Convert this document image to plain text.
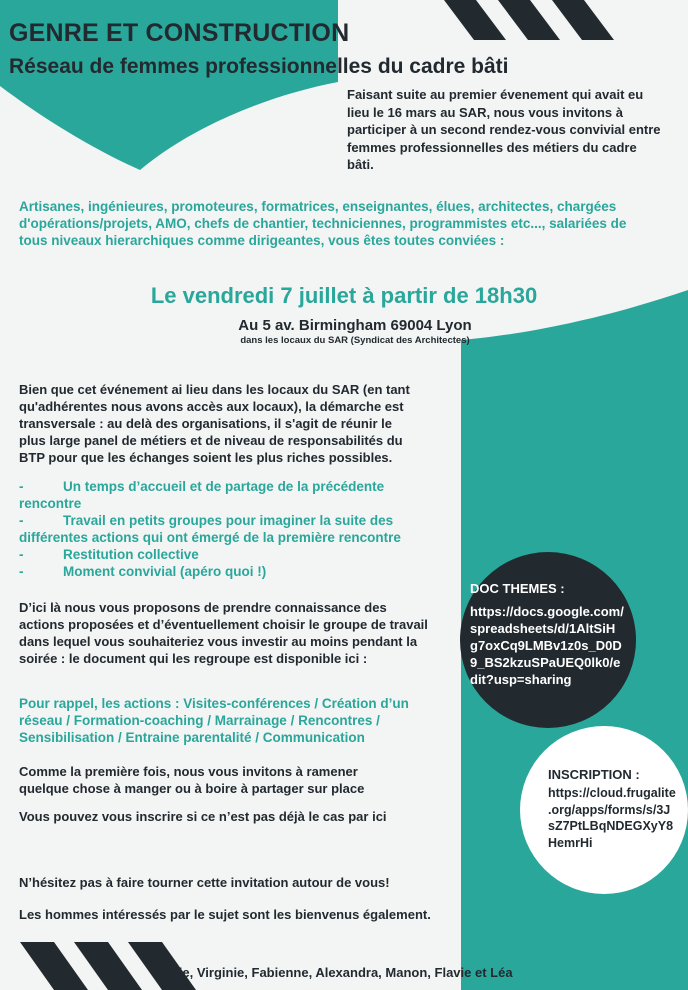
GENRE ET CONSTRUCTION
Réseau de femmes professionnelles du cadre bâti
Faisant suite au premier évenement qui avait eu lieu le 16 mars au SAR, nous vous invitons à participer à un second rendez-vous convivial entre femmes professionnelles des métiers du cadre bâti.
Artisanes, ingénieures, promoteures, formatrices, enseignantes, élues, architectes, chargées d'opérations/projets, AMO, chefs de chantier, techniciennes, programmistes etc..., salariées de tous niveaux hierarchiques comme dirigeantes, vous êtes toutes conviées :
Le vendredi 7 juillet à partir de 18h30
Au 5 av. Birmingham 69004 Lyon
dans les locaux du SAR (Syndicat des Architectes)
Bien que cet événement ai lieu dans les locaux du SAR (en tant qu'adhérentes nous avons accès aux locaux), la démarche est transversale : au delà des organisations, il s'agit de réunir le plus large panel de métiers et de niveau de responsabilités du BTP pour que les échanges soient les plus riches possibles.
-	Un temps d’accueil et de partage de la précédente rencontre
-	Travail en petits groupes pour imaginer la suite des différentes actions qui ont émergé de la première rencontre
-	Restitution collective
-	Moment convivial (apéro quoi !)
D’ici là nous vous proposons de prendre connaissance des actions proposées et d’éventuellement choisir le groupe de travail dans lequel vous souhaiteriez vous investir au moins pendant la soirée : le document qui les regroupe est disponible ici :
Pour rappel, les actions : Visites-conférences / Création d’un réseau / Formation-coaching / Marrainage / Rencontres / Sensibilisation / Entraine parentalité / Communication
Comme la première fois, nous vous invitons à ramener quelque chose à manger ou à boire à partager sur place
Vous pouvez vous inscrire si ce n’est pas déjà le cas par ici
N’hésitez pas à faire tourner cette invitation autour de vous!
Les hommes intéressés par le sujet sont les bienvenus également.
DOC THEMES :
https://docs.google.com/
spreadsheets/d/1AltSiH
g7oxCq9LMBv1z0s_D0D
9_BS2kzuSPaUEQ0lk0/e
dit?usp=sharing
INSCRIPTION :
https://cloud.frugalite
.org/apps/forms/s/3J
sZ7PtLBqNDEGXyY8
HemrHi
Julie, Virginie, Fabienne, Alexandra, Manon, Flavie et Léa
